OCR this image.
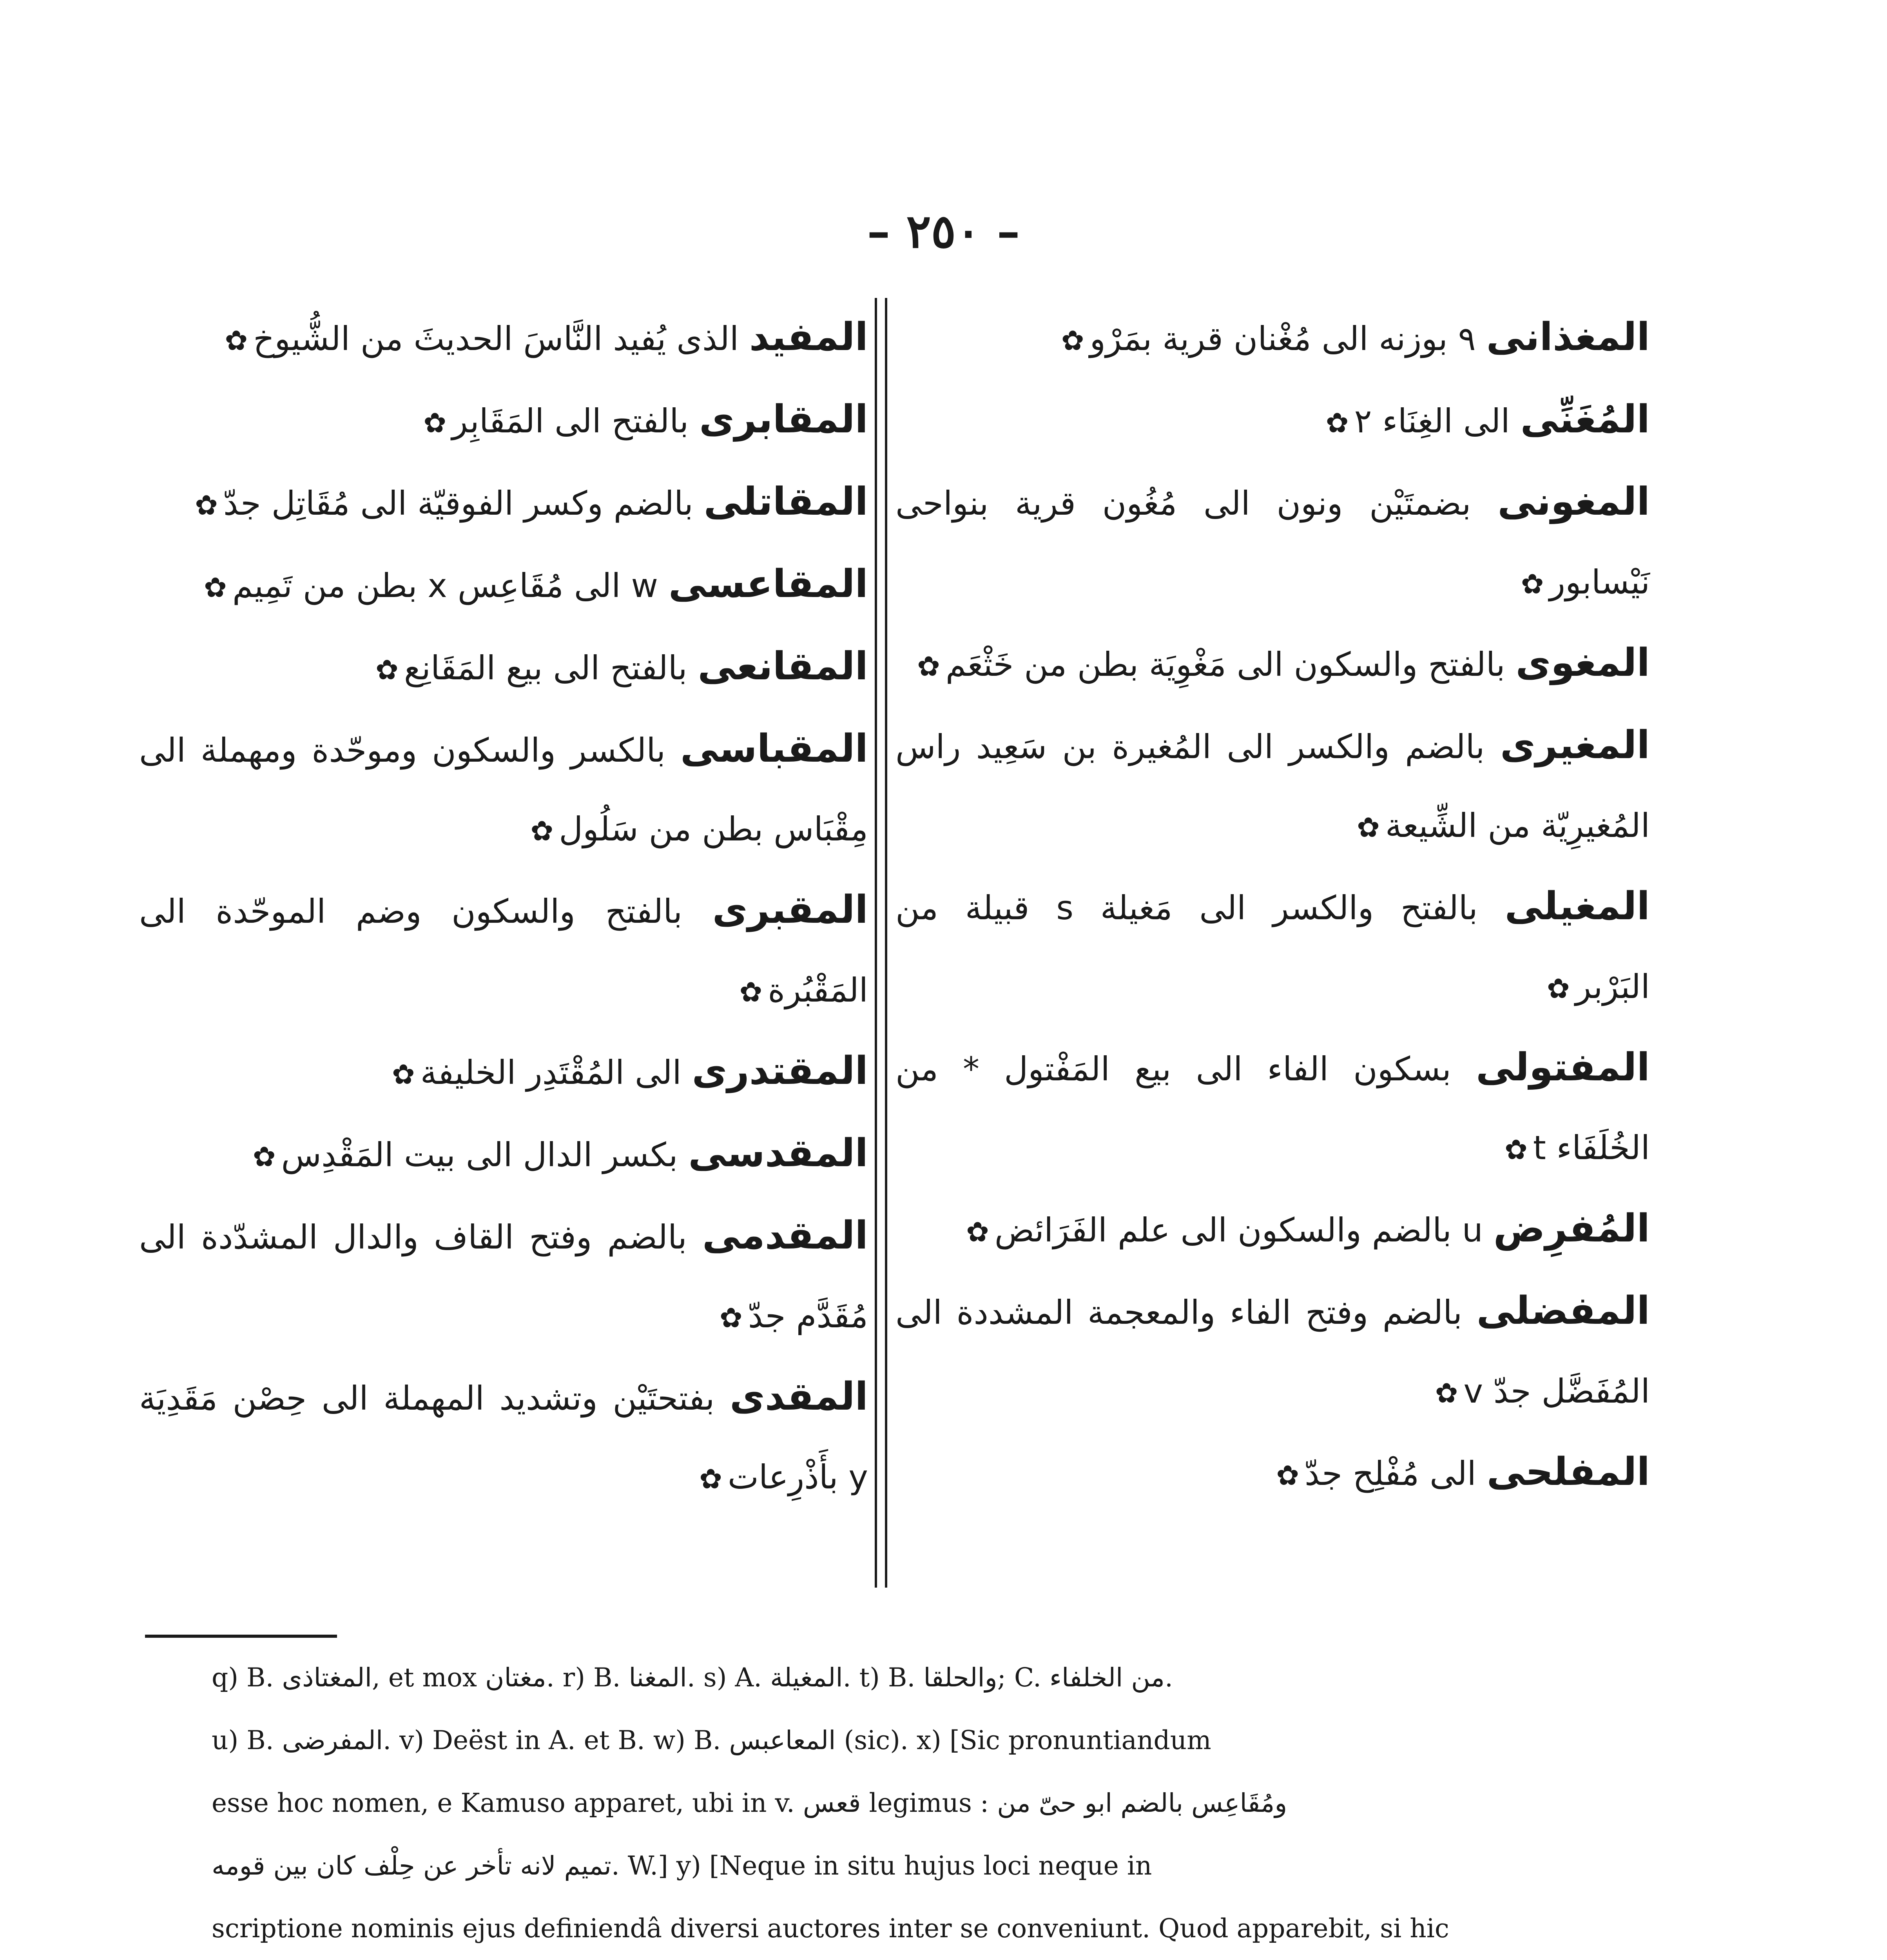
– ٢٥٠ –

المغذانى ٩ بوزنه الى مُغْنان قرية بمَرْو✿

المُغَنِّى الى الغِنَاء ۲✿

المغونى بضمتَيْن ونون الى مُغُون قرية بنواحى نَيْسابور✿

المغوى بالفتح والسكون الى مَغْوِيَة بطن من خَثْعَم✿

المغيرى بالضم والكسر الى المُغيرة بن سَعِيد راس المُغيرِيّة من الشِّيعة✿

المغيلى بالفتح والكسر الى مَغيلة s قبيلة من البَرْبر✿

المفتولى بسكون الفاء الى بيع المَفْتول * من الخُلَفَاء t✿

المُفرِض u بالضم والسكون الى علم الفَرَائض✿

المفضلى بالضم وفتح الفاء والمعجمة المشددة الى المُفَضَّل جدّ v✿

المفلحى الى مُفْلِح جدّ✿

المفيد الذى يُفيد النَّاسَ الحديثَ من الشُّيوخ✿

المقابرى بالفتح الى المَقَابِر✿

المقاتلى بالضم وكسر الفوقيّة الى مُقَاتِل جدّ✿

المقاعسى w الى مُقَاعِس x بطن من تَمِيم✿

المقانعى بالفتح الى بيع المَقَانِع✿

المقباسى بالكسر والسكون وموحّدة ومهملة الى مِقْبَاس بطن من سَلُول✿

المقبرى بالفتح والسكون وضم الموحّدة الى المَقْبُرة✿

المقتدرى الى المُقْتَدِر الخليفة✿

المقدسى بكسر الدال الى بيت المَقْدِس✿

المقدمى بالضم وفتح القاف والدال المشدّدة الى مُقَدَّم جدّ✿

المقدى بفتحتَيْن وتشديد المهملة الى حِصْن مَقَدِيَة y بأَذْرِعات✿

q) B. المغتاذى, et mox مغتان. r) B. المغنا. s) A. المغيلة. t) B. والحلقا; C. من الخلفاء.
u) B. المفرضى. v) Deëst in A. et B. w) B. المعاعبس (sic). x) [Sic pronuntiandum
esse hoc nomen, e Kamuso apparet, ubi in v. قعس legimus : ومُقَاعِس بالضم ابو حىّ من
تميم لانه تأخر عن حِلْف كان بين قومه. W.] y) [Neque in situ hujus loci neque in
scriptione nominis ejus definiendâ diversi auctores inter se conveniunt. Quod apparebit, si hic
